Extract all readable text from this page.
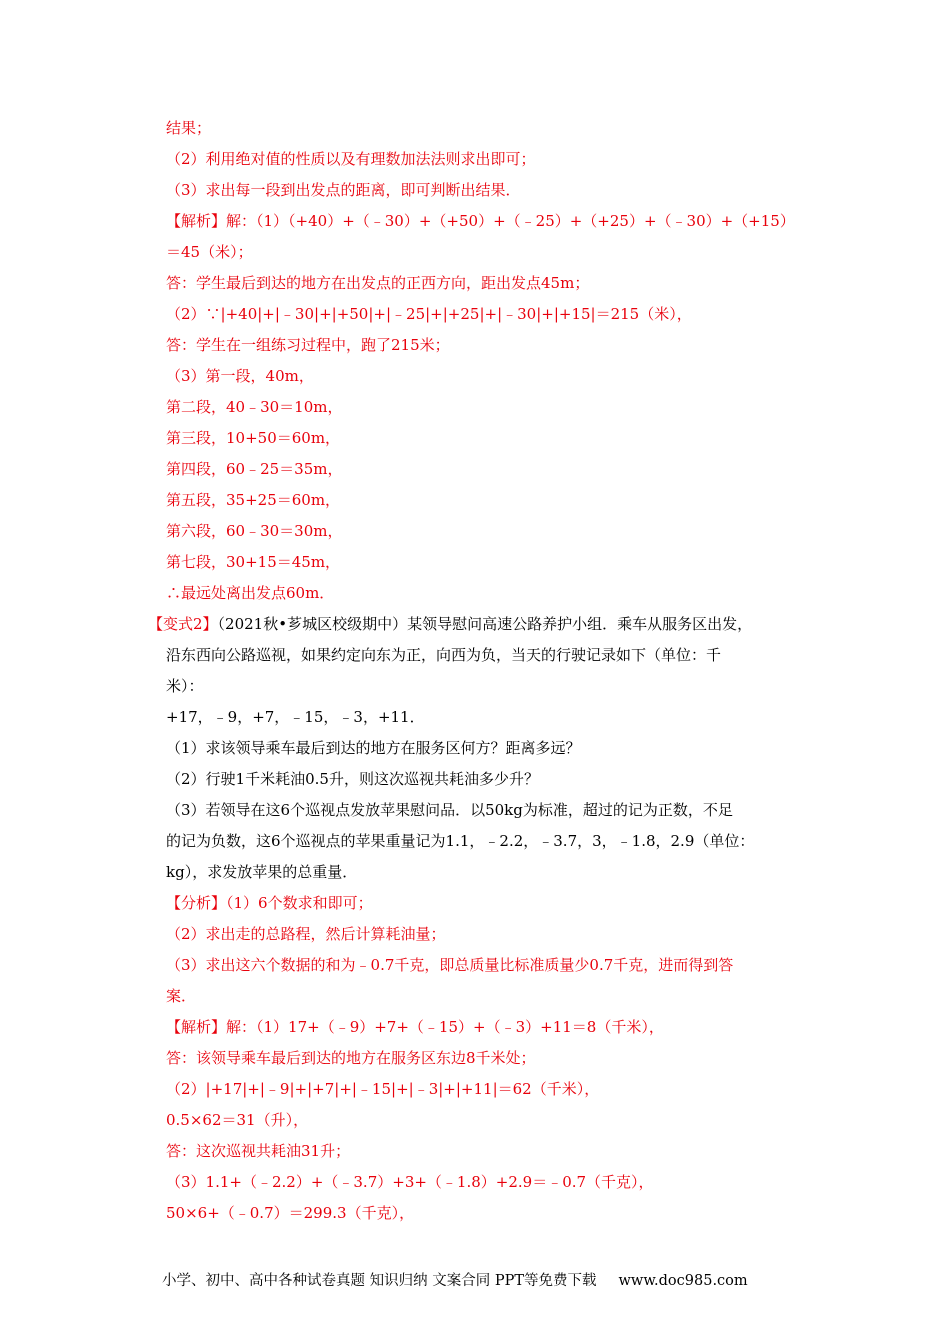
结果；
（2）利用绝对值的性质以及有理数加法法则求出即可；
（3）求出每一段到出发点的距离，即可判断出结果．
【解析】解：（1）（+40）+（﹣30）+（+50）+（﹣25）+（+25）+（﹣30）+（+15）
＝45（米）；
答：学生最后到达的地方在出发点的正西方向，距出发点45m；
（2）∵|+40|+|﹣30|+|+50|+|﹣25|+|+25|+|﹣30|+|+15|＝215（米），
答：学生在一组练习过程中，跑了215米；
（3）第一段，40m，
第二段，40﹣30＝10m，
第三段，10+50＝60m，
第四段，60﹣25＝35m，
第五段，35+25＝60m，
第六段，60﹣30＝30m，
第七段，30+15＝45m，
∴最远处离出发点60m．
【变式2】（2021秋•芗城区校级期中）某领导慰问高速公路养护小组．乘车从服务区出发，
沿东西向公路巡视，如果约定向东为正，向西为负，当天的行驶记录如下（单位：千
米）：
+17，﹣9，+7，﹣15，﹣3，+11．
（1）求该领导乘车最后到达的地方在服务区何方？距离多远？
（2）行驶1千米耗油0.5升，则这次巡视共耗油多少升？
（3）若领导在这6个巡视点发放苹果慰问品．以50kg为标准，超过的记为正数，不足
的记为负数，这6个巡视点的苹果重量记为1.1，﹣2.2，﹣3.7，3，﹣1.8，2.9（单位：
kg），求发放苹果的总重量．
【分析】（1）6个数求和即可；
（2）求出走的总路程，然后计算耗油量；
（3）求出这六个数据的和为﹣0.7千克，即总质量比标准质量少0.7千克，进而得到答
案．
【解析】解：（1）17+（﹣9）+7+（﹣15）+（﹣3）+11＝8（千米），
答：该领导乘车最后到达的地方在服务区东边8千米处；
（2）|+17|+|﹣9|+|+7|+|﹣15|+|﹣3|+|+11|＝62（千米），
0.5×62＝31（升），
答：这次巡视共耗油31升；
（3）1.1+（﹣2.2）+（﹣3.7）+3+（﹣1.8）+2.9＝﹣0.7（千克），
50×6+（﹣0.7）＝299.3（千克），
小学、初中、高中各种试卷真题 知识归纳 文案合同 PPT等免费下载 www.doc985.com
